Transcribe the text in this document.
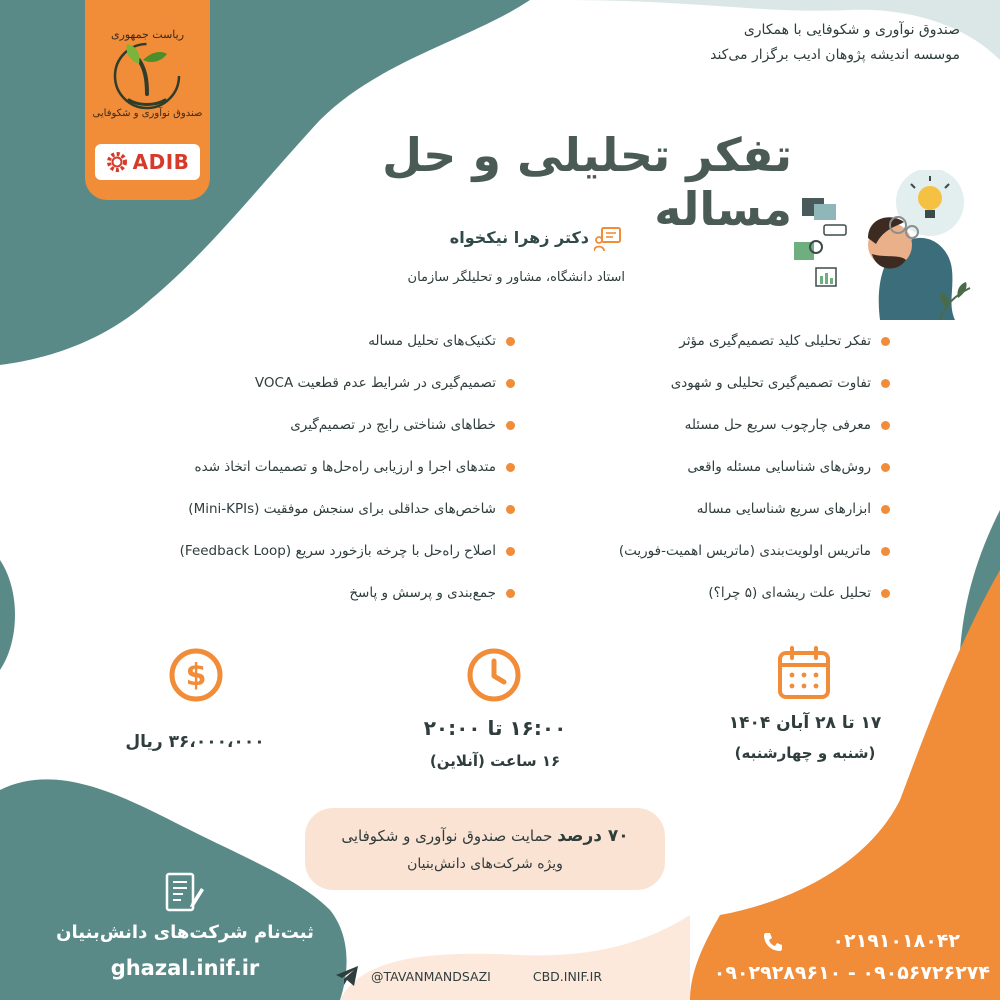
ریاست جمهوری
صندوق نوآوری و شکوفایی
ADIB
صندوق نوآوری و شکوفایی با همکاری
موسسه اندیشه پژوهان ادیب برگزار می‌کند
تفکر تحلیلی و حل مساله
دکتر زهرا نیکخواه
استاد دانشگاه، مشاور و تحلیلگر سازمان
تفکر تحلیلی کلید تصمیم‌گیری مؤثر
تفاوت تصمیم‌گیری تحلیلی و شهودی
معرفی چارچوب سریع حل مسئله
روش‌های شناسایی مسئله واقعی
ابزارهای سریع شناسایی مساله
ماتریس اولویت‌بندی (ماتریس اهمیت-فوریت)
تحلیل علت ریشه‌ای (۵ چرا؟)
تکنیک‌های تحلیل مساله
تصمیم‌گیری در شرایط عدم قطعیت VOCA
خطاهای شناختی رایج در تصمیم‌گیری
متدهای اجرا و ارزیابی راه‌حل‌ها و تصمیمات اتخاذ شده
شاخص‌های حداقلی برای سنجش موفقیت (Mini-KPIs)
اصلاح راه‌حل با چرخه بازخورد سریع (Feedback Loop)
جمع‌بندی و پرسش و پاسخ
$
۱۷ تا ۲۸ آبان ۱۴۰۴
(شنبه و چهارشنبه)
۱۶:۰۰ تا ۲۰:۰۰
۱۶ ساعت (آنلاین)
۳۶،۰۰۰،۰۰۰ ریال
۷۰ درصد حمایت صندوق نوآوری و شکوفایی
ویژه شرکت‌های دانش‌بنیان
ثبت‌نام شرکت‌های دانش‌بنیان
ghazal.inif.ir	@TAVANMANDSAZI	CBD.INIF.IR
۰۲۱۹۱۰۱۸۰۴۲
۰۹۰۵۶۷۲۶۲۷۴ - ۰۹۰۲۹۲۸۹۶۱۰
